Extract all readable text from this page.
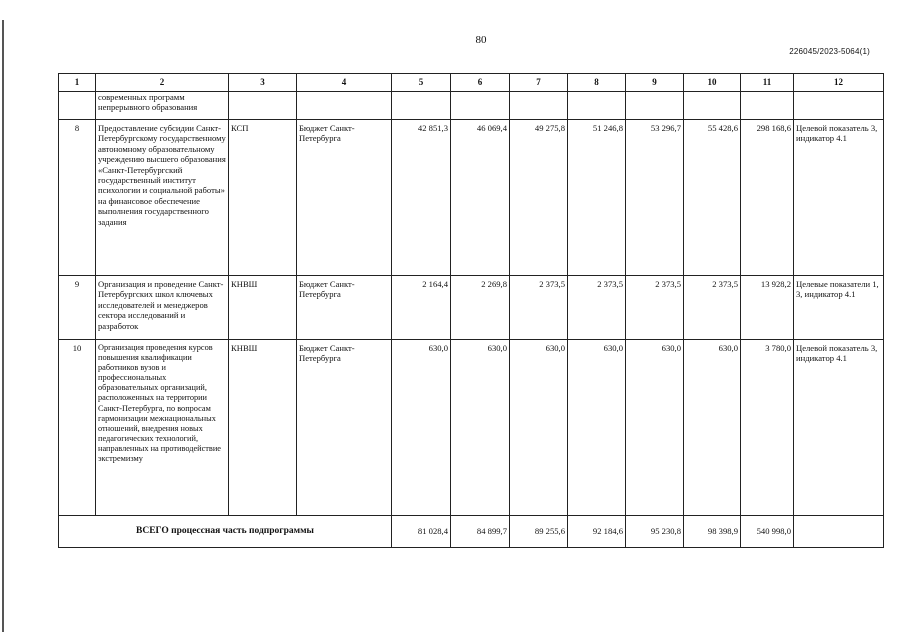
80
226045/2023-5064(1)
1	2	3	4	5	6	7	8	9	10	11	12
	современных программ непрерывного образования										
8	Предоставление субсидии Санкт-Петербургскому государственному автономному образовательному учреждению высшего образования «Санкт-Петербургский государственный институт психологии и социальной работы» на финансовое обеспечение выполнения государственного задания	КСП	Бюджет Санкт-Петербурга	42 851,3	46 069,4	49 275,8	51 246,8	53 296,7	55 428,6	298 168,6	Целевой показатель 3, индикатор 4.1
9	Организация и проведение Санкт-Петербургских школ ключевых исследователей и менеджеров сектора исследований и разработок	КНВШ	Бюджет Санкт-Петербурга	2 164,4	2 269,8	2 373,5	2 373,5	2 373,5	2 373,5	13 928,2	Целевые показатели 1, 3, индикатор 4.1
10	Организация проведения курсов повышения квалификации работников вузов и профессиональных образовательных организаций, расположенных на территории Санкт-Петербурга, по вопросам гармонизации межнациональных отношений, внедрения новых педагогических технологий, направленных на противодействие экстремизму	КНВШ	Бюджет Санкт-Петербурга	630,0	630,0	630,0	630,0	630,0	630,0	3 780,0	Целевой показатель 3, индикатор 4.1
ВСЕГО процессная часть подпрограммы				81 028,4	84 899,7	89 255,6	92 184,6	95 230,8	98 398,9	540 998,0	
